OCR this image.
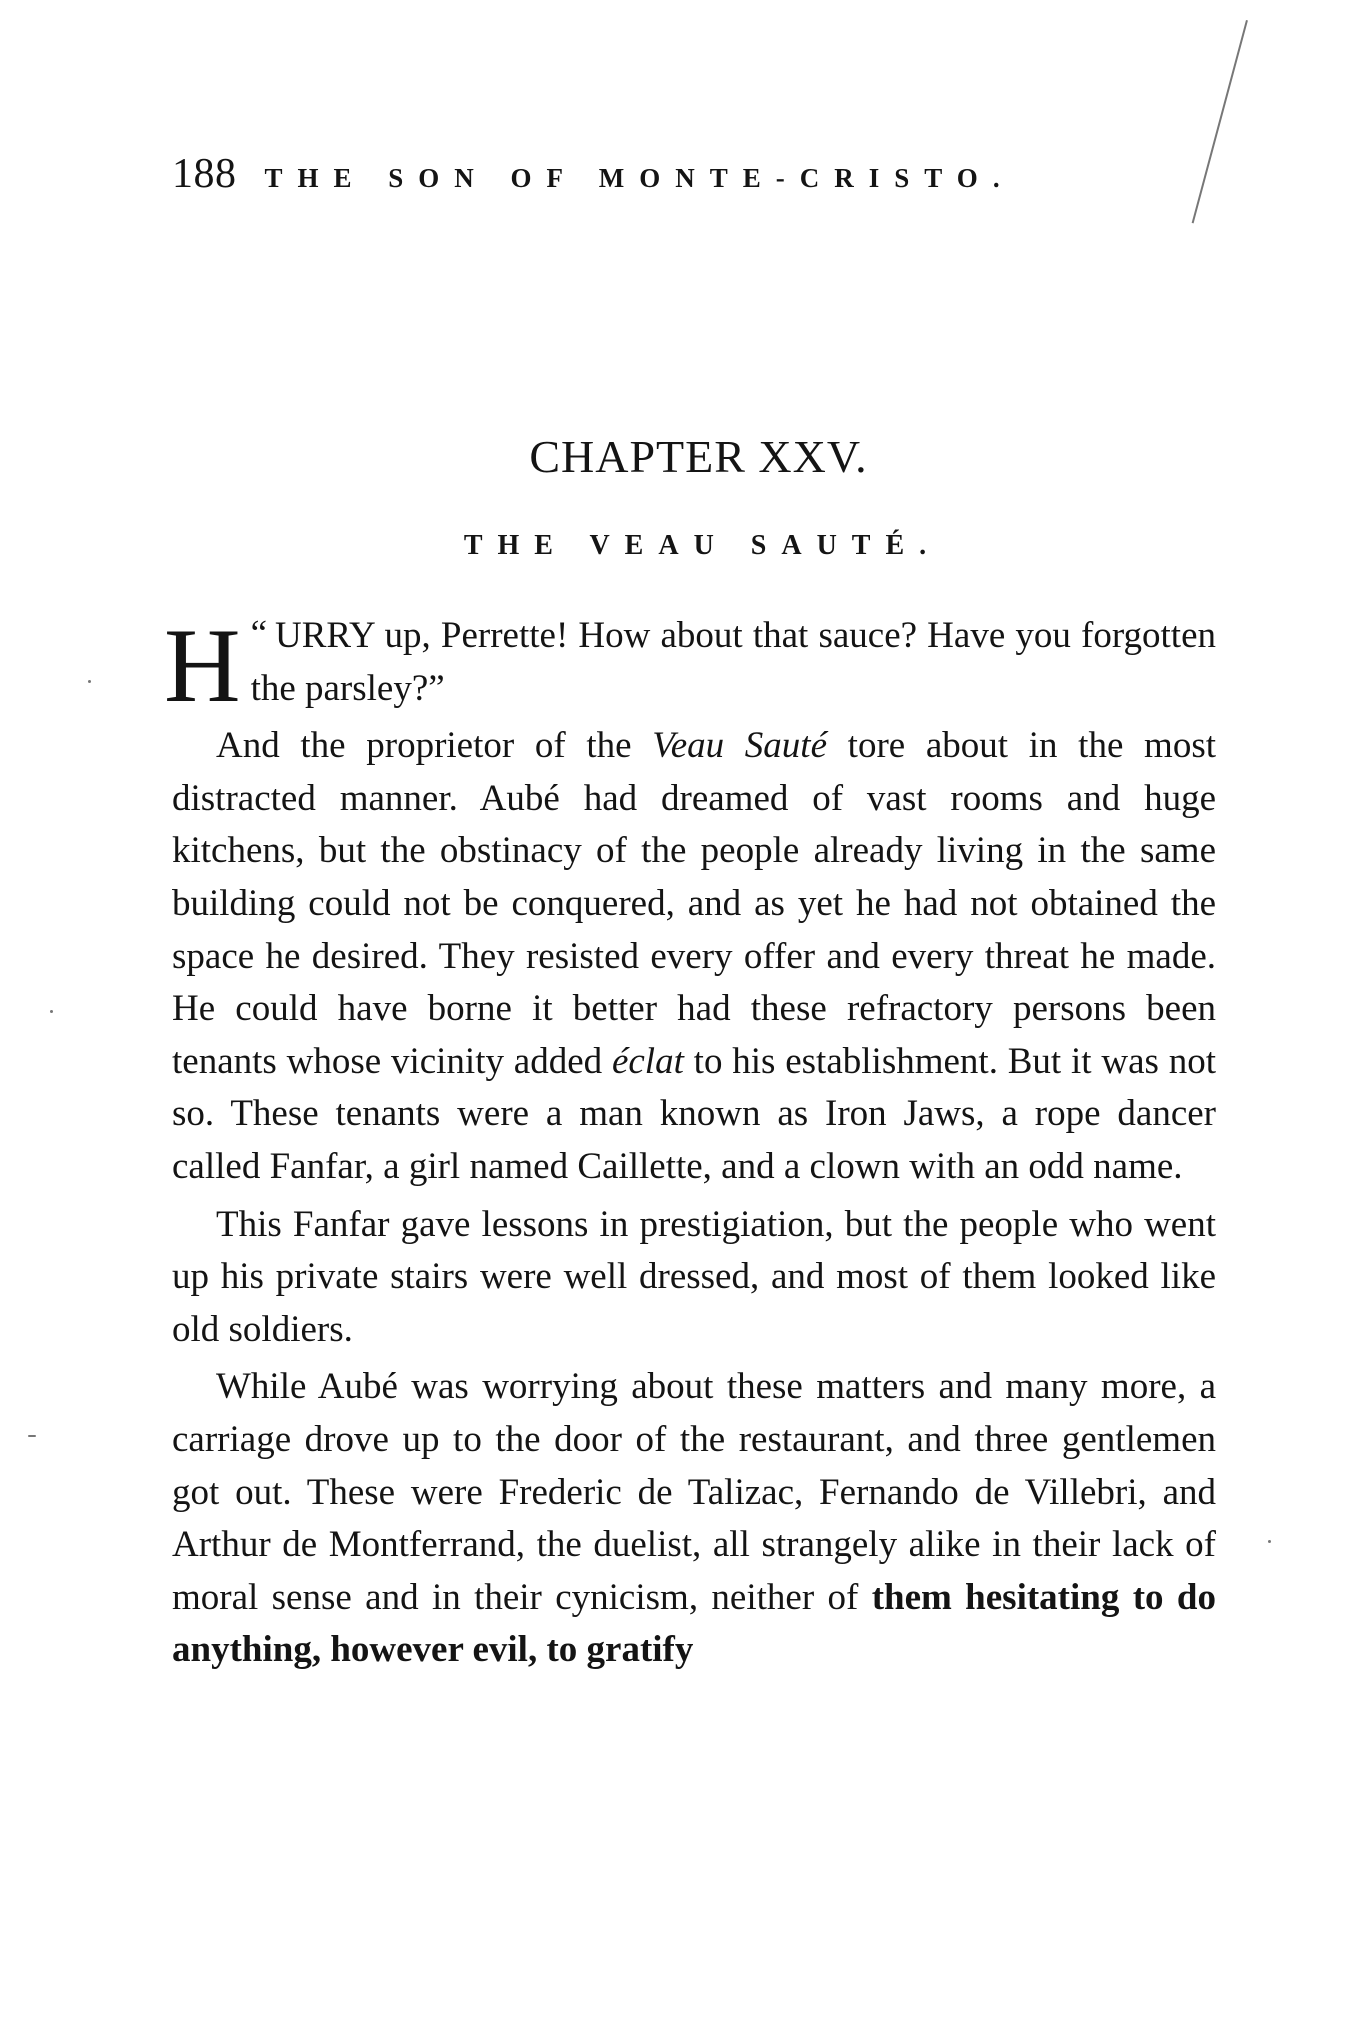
188 THE SON OF MONTE-CRISTO.
CHAPTER XXV.
THE VEAU SAUTÉ.

“
H URRY up, Perrette! How about that sauce? Have you forgotten the parsley?”

And the proprietor of the Veau Sauté tore about in the most distracted manner. Aubé had dreamed of vast rooms and huge kitchens, but the obstinacy of the people already living in the same building could not be conquered, and as yet he had not obtained the space he desired. They resisted every offer and every threat he made. He could have borne it better had these refractory persons been tenants whose vicinity added éclat to his establishment. But it was not so. These tenants were a man known as Iron Jaws, a rope dancer called Fanfar, a girl named Caillette, and a clown with an odd name.

This Fanfar gave lessons in prestigiation, but the people who went up his private stairs were well dressed, and most of them looked like old soldiers.

While Aubé was worrying about these matters and many more, a carriage drove up to the door of the restaurant, and three gentlemen got out. These were Frederic de Talizac, Fernando de Villebri, and Arthur de Montferrand, the duelist, all strangely alike in their lack of moral sense and in their cynicism, neither of them hesitating to do anything, however evil, to gratify
